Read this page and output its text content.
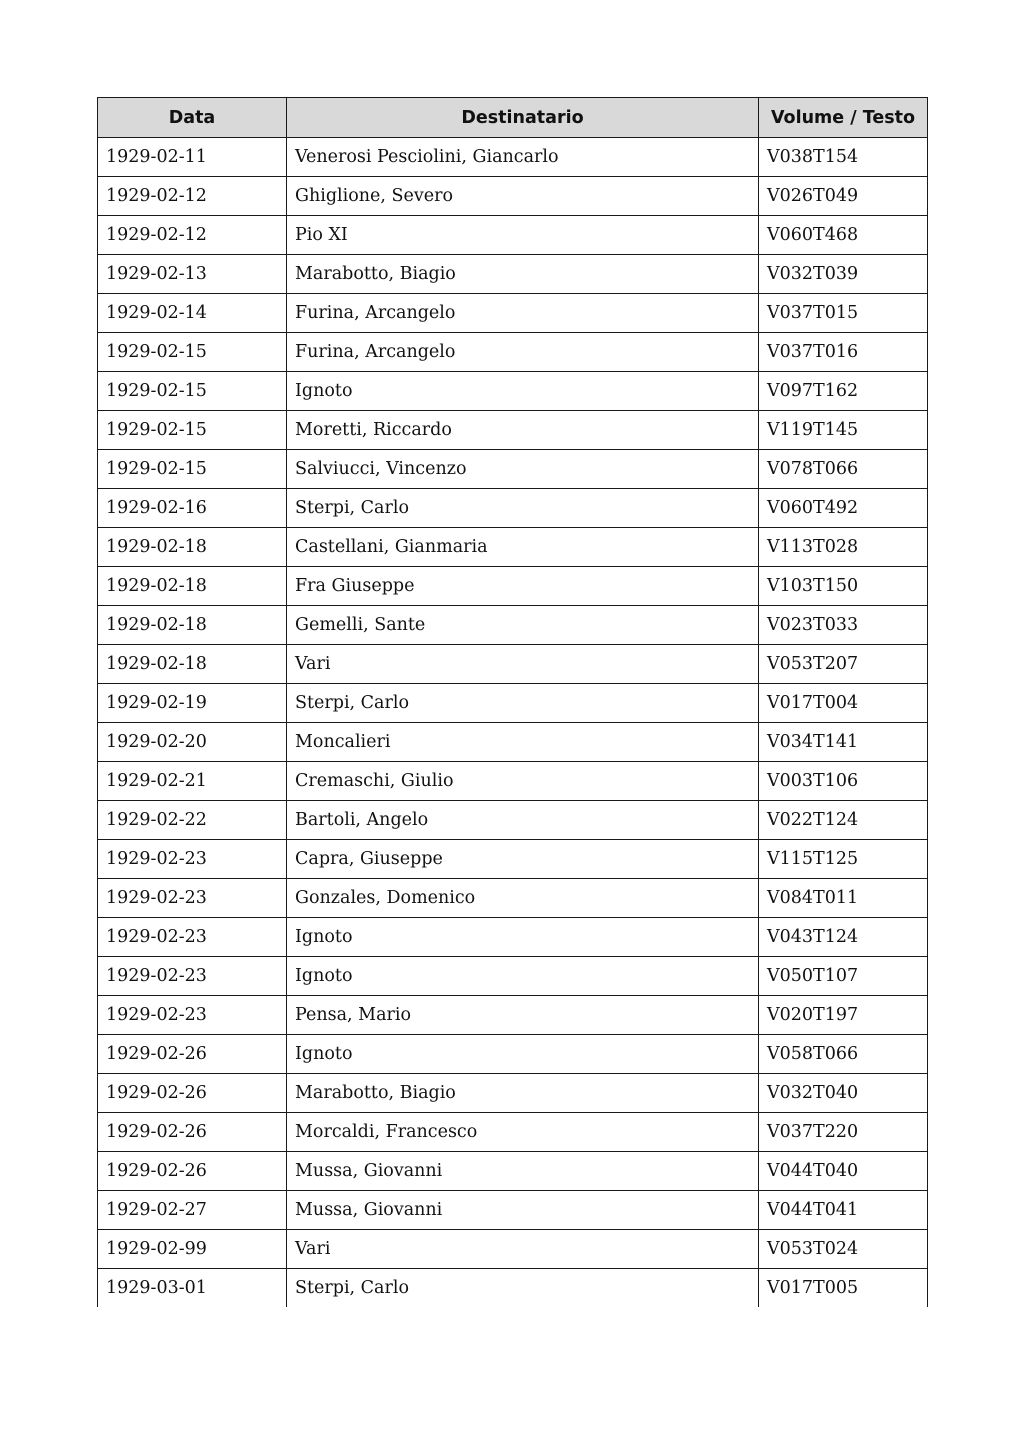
Data	Destinatario	Volume / Testo
1929-02-11	Venerosi Pesciolini, Giancarlo	V038T154
1929-02-12	Ghiglione, Severo	V026T049
1929-02-12	Pio XI	V060T468
1929-02-13	Marabotto, Biagio	V032T039
1929-02-14	Furina, Arcangelo	V037T015
1929-02-15	Furina, Arcangelo	V037T016
1929-02-15	Ignoto	V097T162
1929-02-15	Moretti, Riccardo	V119T145
1929-02-15	Salviucci, Vincenzo	V078T066
1929-02-16	Sterpi, Carlo	V060T492
1929-02-18	Castellani, Gianmaria	V113T028
1929-02-18	Fra Giuseppe	V103T150
1929-02-18	Gemelli, Sante	V023T033
1929-02-18	Vari	V053T207
1929-02-19	Sterpi, Carlo	V017T004
1929-02-20	Moncalieri	V034T141
1929-02-21	Cremaschi, Giulio	V003T106
1929-02-22	Bartoli, Angelo	V022T124
1929-02-23	Capra, Giuseppe	V115T125
1929-02-23	Gonzales, Domenico	V084T011
1929-02-23	Ignoto	V043T124
1929-02-23	Ignoto	V050T107
1929-02-23	Pensa, Mario	V020T197
1929-02-26	Ignoto	V058T066
1929-02-26	Marabotto, Biagio	V032T040
1929-02-26	Morcaldi, Francesco	V037T220
1929-02-26	Mussa, Giovanni	V044T040
1929-02-27	Mussa, Giovanni	V044T041
1929-02-99	Vari	V053T024
1929-03-01	Sterpi, Carlo	V017T005
